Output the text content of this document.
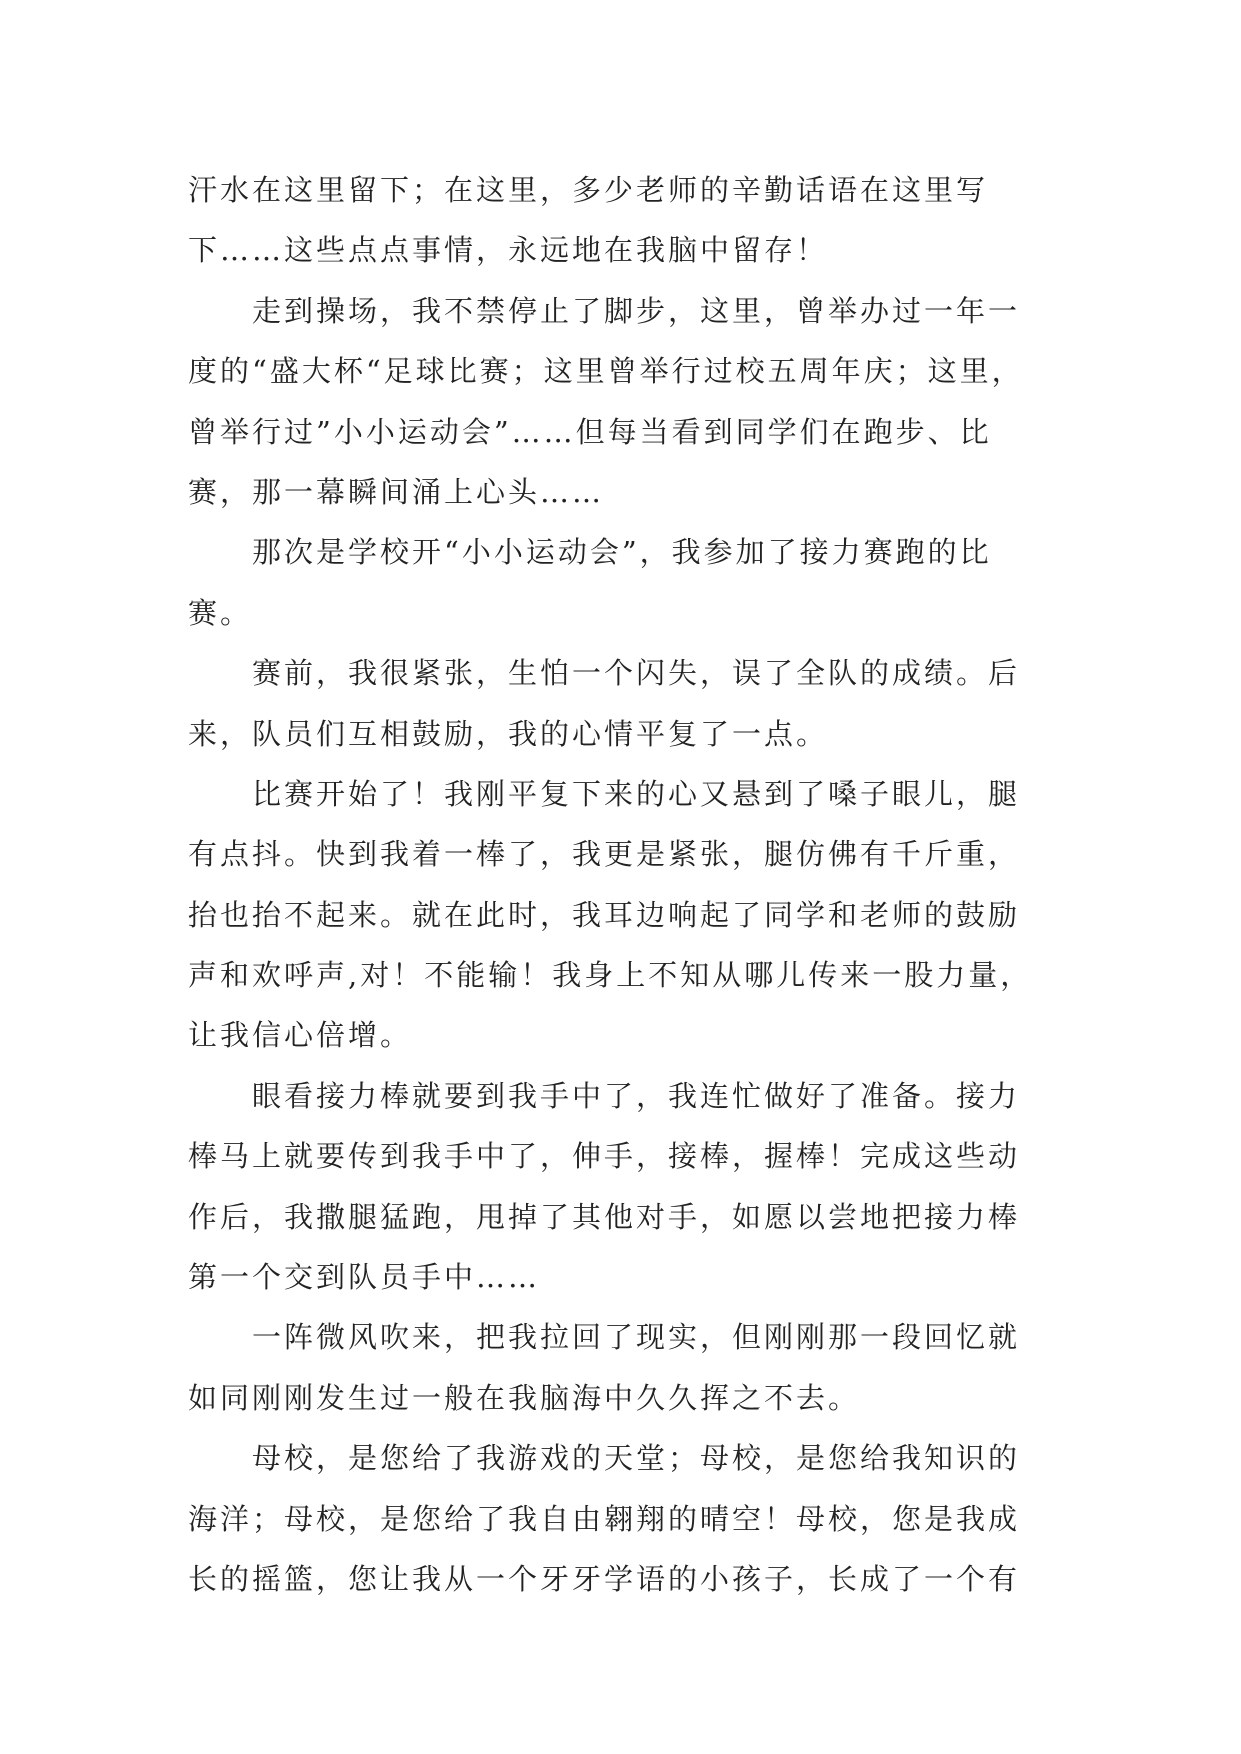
汗水在这里留下；在这里，多少老师的辛勤话语在这里写
下……这些点点事情，永远地在我脑中留存！
走到操场，我不禁停止了脚步，这里，曾举办过一年一
度的“盛大杯“足球比赛；这里曾举行过校五周年庆；这里，
曾举行过”小小运动会”……但每当看到同学们在跑步、比
赛，那一幕瞬间涌上心头……
那次是学校开“小小运动会”，我参加了接力赛跑的比
赛。
赛前，我很紧张，生怕一个闪失，误了全队的成绩。后
来，队员们互相鼓励，我的心情平复了一点。
比赛开始了！我刚平复下来的心又悬到了嗓子眼儿，腿
有点抖。快到我着一棒了，我更是紧张，腿仿佛有千斤重，
抬也抬不起来。就在此时，我耳边响起了同学和老师的鼓励
声和欢呼声,对！不能输！我身上不知从哪儿传来一股力量，
让我信心倍增。
眼看接力棒就要到我手中了，我连忙做好了准备。接力
棒马上就要传到我手中了，伸手，接棒，握棒！完成这些动
作后，我撒腿猛跑，甩掉了其他对手，如愿以尝地把接力棒
第一个交到队员手中……
一阵微风吹来，把我拉回了现实，但刚刚那一段回忆就
如同刚刚发生过一般在我脑海中久久挥之不去。
母校，是您给了我游戏的天堂；母校，是您给我知识的
海洋；母校，是您给了我自由翱翔的晴空！母校，您是我成
长的摇篮，您让我从一个牙牙学语的小孩子，长成了一个有
